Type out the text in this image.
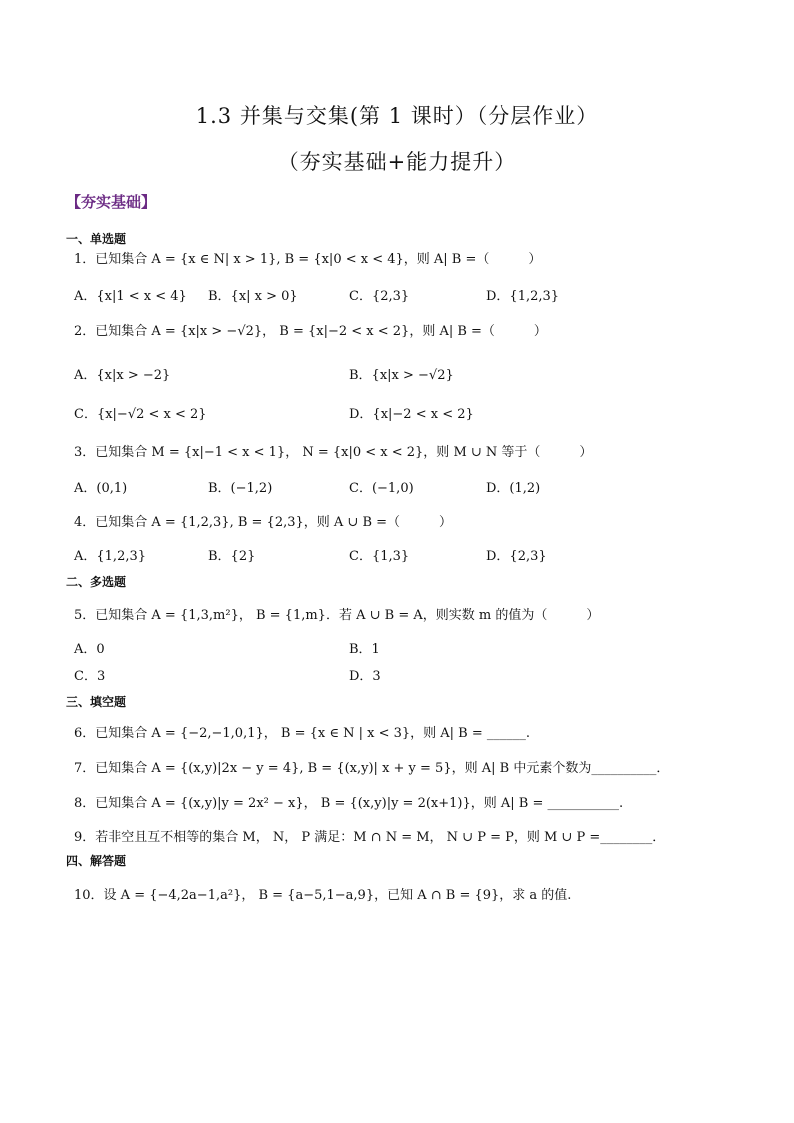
1.3 并集与交集(第 1 课时）（分层作业）
（夯实基础+能力提升）
【夯实基础】
一、单选题
1．已知集合 A = {x ∈ N| x > 1}, B = {x|0 < x < 4}，则 A| B =（　　　）
A．{x|1 < x < 4} B．{x| x > 0}	C．{2,3}	D．{1,2,3}
2．已知集合 A = {x|x > −√2}， B = {x|−2 < x < 2}，则 A| B =（　　　）
A．{x|x > −2}	B．{x|x > −√2}
C．{x|−√2 < x < 2}	D．{x|−2 < x < 2}
3．已知集合 M = {x|−1 < x < 1}， N = {x|0 < x < 2}，则 M ∪ N 等于（　　　）
A．(0,1)	B．(−1,2)	C．(−1,0)	D．(1,2)
4．已知集合 A = {1,2,3}, B = {2,3}，则 A ∪ B =（　　　）
A．{1,2,3}	B．{2}	C．{1,3}	D．{2,3}
二、多选题
5．已知集合 A = {1,3,m²}， B = {1,m}．若 A ∪ B = A，则实数 m 的值为（　　　）
A．0	B．1
C．3	D．3
三、填空题
6．已知集合 A = {−2,−1,0,1}， B = {x ∈ N | x < 3}，则 A| B = ______.
7．已知集合 A = {(x,y)|2x − y = 4}, B = {(x,y)| x + y = 5}，则 A| B 中元素个数为__________．
8．已知集合 A = {(x,y)|y = 2x² − x}， B = {(x,y)|y = 2(x+1)}，则 A| B = ___________.
9．若非空且互不相等的集合 M， N， P 满足：M ∩ N = M， N ∪ P = P，则 M ∪ P =________．
四、解答题
10．设 A = {−4,2a−1,a²}， B = {a−5,1−a,9}，已知 A ∩ B = {9}，求 a 的值.
